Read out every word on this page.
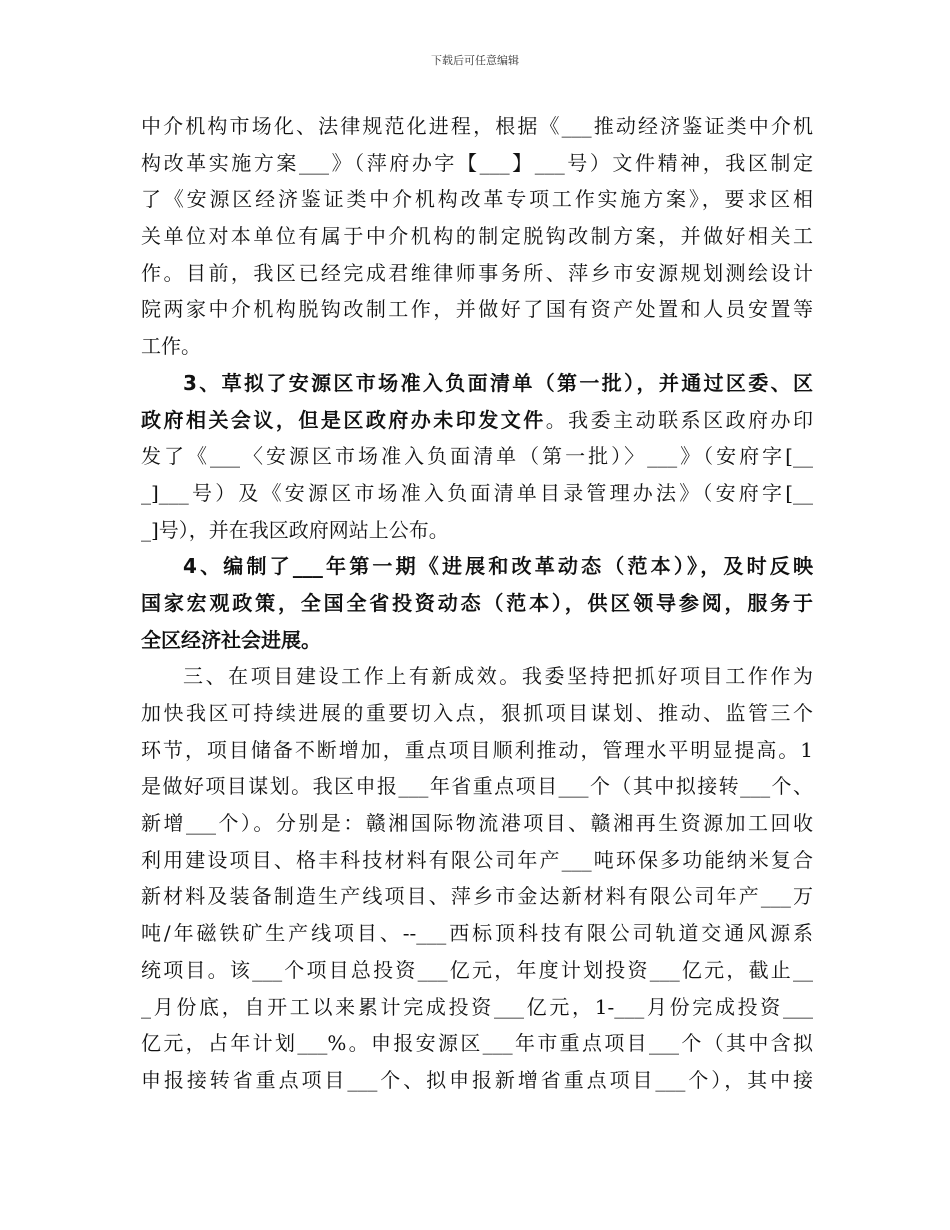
下载后可任意编辑
中介机构市场化、法律规范化进程，根据《___推动经济鉴证类中介机
构改革实施方案___》（萍府办字【___】___号）文件精神，我区制定
了《安源区经济鉴证类中介机构改革专项工作实施方案》，要求区相
关单位对本单位有属于中介机构的制定脱钩改制方案，并做好相关工
作。目前，我区已经完成君维律师事务所、萍乡市安源规划测绘设计
院两家中介机构脱钩改制工作，并做好了国有资产处置和人员安置等
工作。
3、草拟了安源区市场准入负面清单（第一批），并通过区委、区
政府相关会议，但是区政府办未印发文件。我委主动联系区政府办印
发了《___〈安源区市场准入负面清单（第一批）〉___》（安府字[__
_]___号）及《安源区市场准入负面清单目录管理办法》（安府字[__
_]号），并在我区政府网站上公布。
4、编制了___年第一期《进展和改革动态（范本）》，及时反映
国家宏观政策，全国全省投资动态（范本），供区领导参阅，服务于
全区经济社会进展。
三、在项目建设工作上有新成效。我委坚持把抓好项目工作作为
加快我区可持续进展的重要切入点，狠抓项目谋划、推动、监管三个
环节，项目储备不断增加，重点项目顺利推动，管理水平明显提高。1
是做好项目谋划。我区申报___年省重点项目___个（其中拟接转___个、
新增___个）。分别是：赣湘国际物流港项目、赣湘再生资源加工回收
利用建设项目、格丰科技材料有限公司年产___吨环保多功能纳米复合
新材料及装备制造生产线项目、萍乡市金达新材料有限公司年产___万
吨/年磁铁矿生产线项目、--___西标顶科技有限公司轨道交通风源系
统项目。该___个项目总投资___亿元，年度计划投资___亿元，截止__
_月份底，自开工以来累计完成投资___亿元，1-___月份完成投资___
亿元，占年计划___%。申报安源区___年市重点项目___个（其中含拟
申报接转省重点项目___个、拟申报新增省重点项目___个），其中接
